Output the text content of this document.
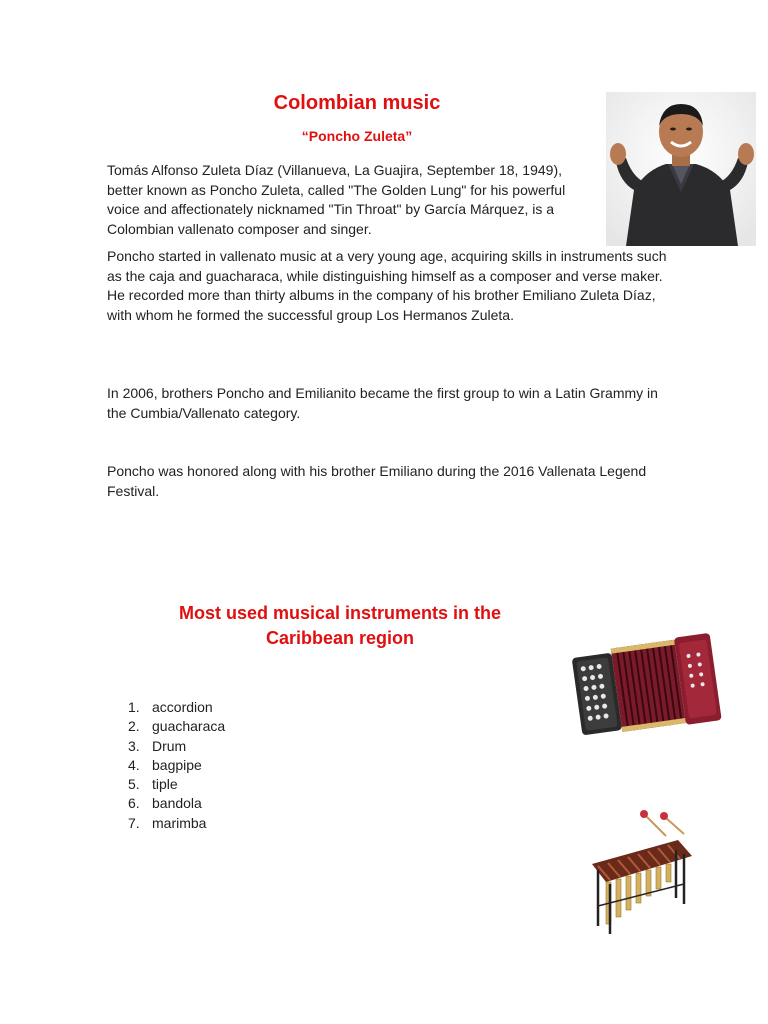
Colombian music
“Poncho Zuleta”

Tomás Alfonso Zuleta Díaz (Villanueva, La Guajira, September 18, 1949), better known as Poncho Zuleta, called "The Golden Lung" for his powerful voice and affectionately nicknamed "Tin Throat" by García Márquez, is a Colombian vallenato composer and singer.

Poncho started in vallenato music at a very young age, acquiring skills in instruments such as the caja and guacharaca, while distinguishing himself as a composer and verse maker. He recorded more than thirty albums in the company of his brother Emiliano Zuleta Díaz, with whom he formed the successful group Los Hermanos Zuleta.

In 2006, brothers Poncho and Emilianito became the first group to win a Latin Grammy in the Cumbia/Vallenato category.

Poncho was honored along with his brother Emiliano during the 2016 Vallenata Legend Festival.

Most used musical instruments in the Caribbean region
1. accordion
2. guacharaca
3. Drum
4. bagpipe
5. tiple
6. bandola
7. marimba
